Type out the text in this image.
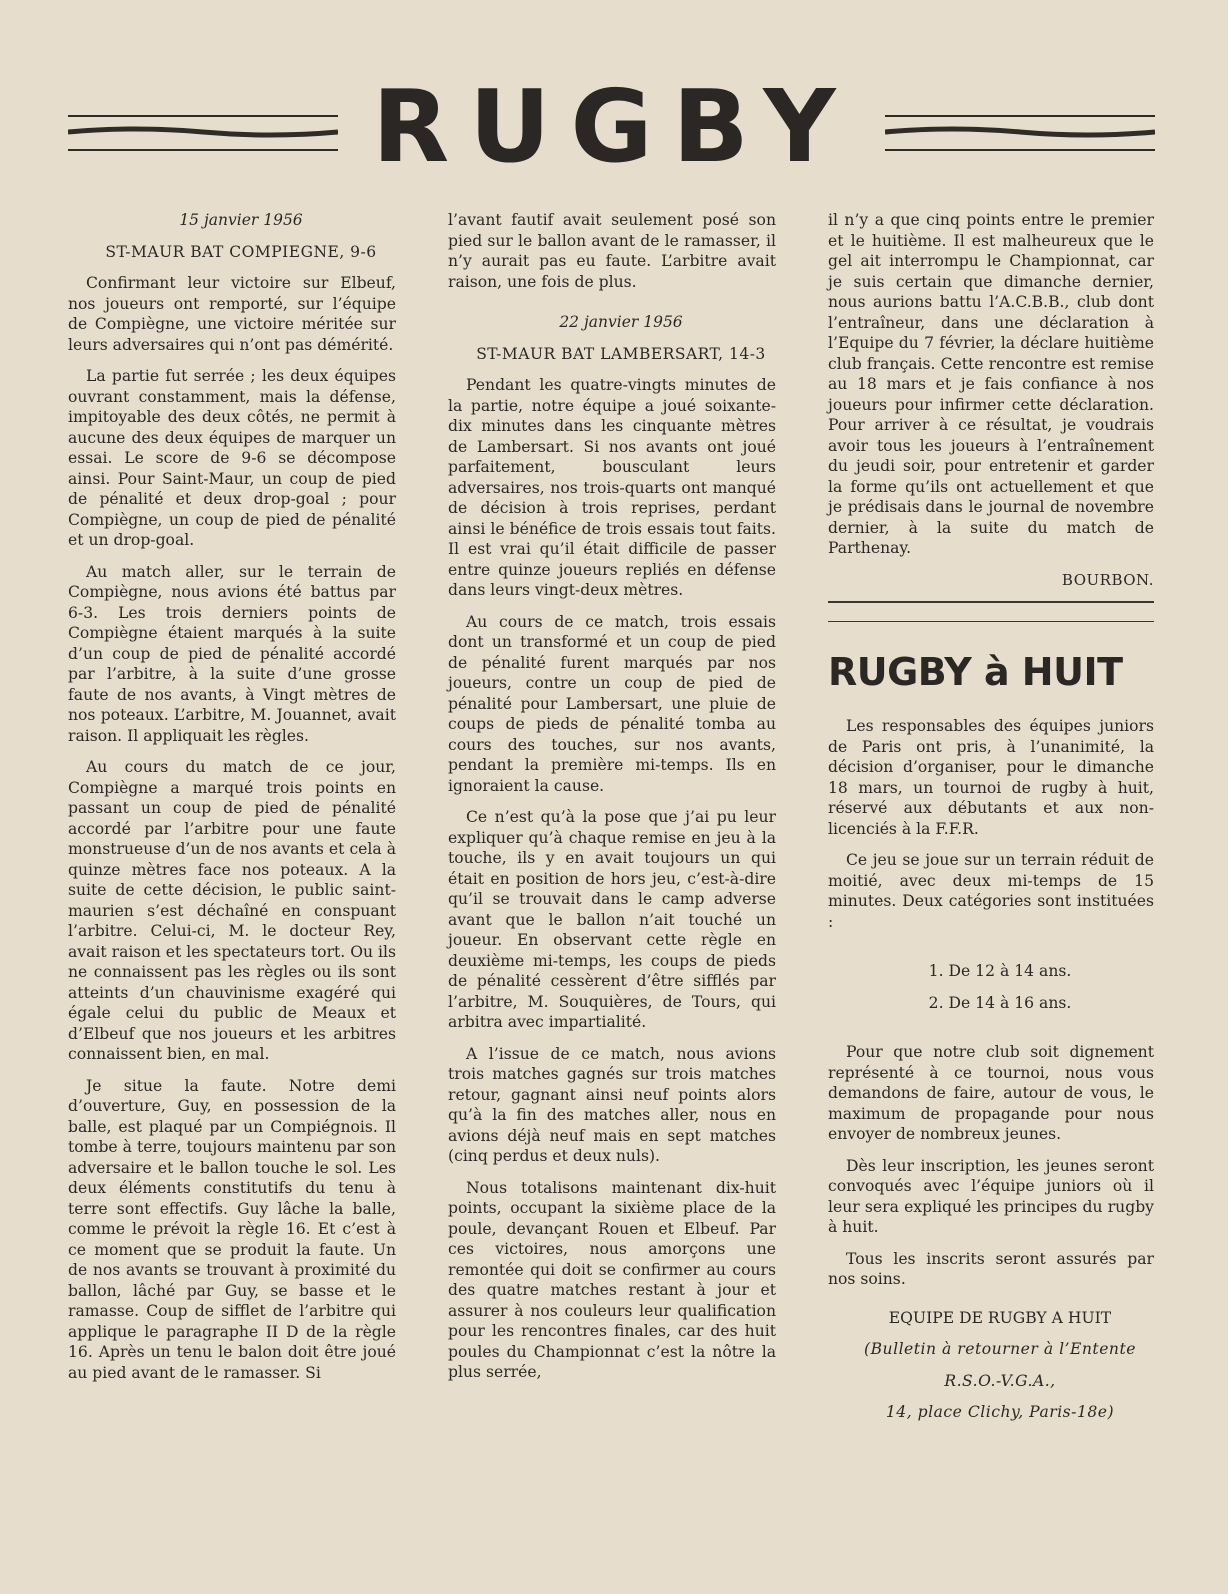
RUGBY

15 janvier 1956

ST-MAUR BAT COMPIEGNE, 9-6

Confirmant leur victoire sur Elbeuf, nos joueurs ont remporté, sur l’équipe de Compiègne, une victoire méritée sur leurs adversaires qui n’ont pas démérité.

La partie fut serrée ; les deux équipes ouvrant constamment, mais la défense, impitoyable des deux côtés, ne permit à aucune des deux équipes de marquer un essai. Le score de 9-6 se décompose ainsi. Pour Saint-Maur, un coup de pied de pénalité et deux drop-goal ; pour Compiègne, un coup de pied de pénalité et un drop-goal.

Au match aller, sur le terrain de Compiègne, nous avions été battus par 6-3. Les trois derniers points de Compiègne étaient marqués à la suite d’un coup de pied de pénalité accordé par l’arbitre, à la suite d’une grosse faute de nos avants, à Vingt mètres de nos poteaux. L’arbitre, M. Jouannet, avait raison. Il appliquait les règles.

Au cours du match de ce jour, Compiègne a marqué trois points en passant un coup de pied de pénalité accordé par l’arbitre pour une faute monstrueuse d’un de nos avants et cela à quinze mètres face nos poteaux. A la suite de cette décision, le public saint-maurien s’est déchaîné en conspuant l’arbitre. Celui-ci, M. le docteur Rey, avait raison et les spectateurs tort. Ou ils ne connaissent pas les règles ou ils sont atteints d’un chauvinisme exagéré qui égale celui du public de Meaux et d’Elbeuf que nos joueurs et les arbitres connaissent bien, en mal.

Je situe la faute. Notre demi d’ouverture, Guy, en possession de la balle, est plaqué par un Compiégnois. Il tombe à terre, toujours maintenu par son adversaire et le ballon touche le sol. Les deux éléments constitutifs du tenu à terre sont effectifs. Guy lâche la balle, comme le prévoit la règle 16. Et c’est à ce moment que se produit la faute. Un de nos avants se trouvant à proximité du ballon, lâché par Guy, se basse et le ramasse. Coup de sifflet de l’arbitre qui applique le paragraphe II D de la règle 16. Après un tenu le balon doit être joué au pied avant de le ramasser. Si

l’avant fautif avait seulement posé son pied sur le ballon avant de le ramasser, il n’y aurait pas eu faute. L’arbitre avait raison, une fois de plus.

22 janvier 1956

ST-MAUR BAT LAMBERSART, 14-3

Pendant les quatre-vingts minutes de la partie, notre équipe a joué soixante-dix minutes dans les cinquante mètres de Lambersart. Si nos avants ont joué parfaitement, bousculant leurs adversaires, nos trois-quarts ont manqué de décision à trois reprises, perdant ainsi le bénéfice de trois essais tout faits. Il est vrai qu’il était difficile de passer entre quinze joueurs repliés en défense dans leurs vingt-deux mètres.

Au cours de ce match, trois essais dont un transformé et un coup de pied de pénalité furent marqués par nos joueurs, contre un coup de pied de pénalité pour Lambersart, une pluie de coups de pieds de pénalité tomba au cours des touches, sur nos avants, pendant la première mi-temps. Ils en ignoraient la cause.

Ce n’est qu’à la pose que j’ai pu leur expliquer qu’à chaque remise en jeu à la touche, ils y en avait toujours un qui était en position de hors jeu, c’est-à-dire qu’il se trouvait dans le camp adverse avant que le ballon n’ait touché un joueur. En observant cette règle en deuxième mi-temps, les coups de pieds de pénalité cessèrent d’être sifflés par l’arbitre, M. Souquières, de Tours, qui arbitra avec impartialité.

A l’issue de ce match, nous avions trois matches gagnés sur trois matches retour, gagnant ainsi neuf points alors qu’à la fin des matches aller, nous en avions déjà neuf mais en sept matches (cinq perdus et deux nuls).

Nous totalisons maintenant dix-huit points, occupant la sixième place de la poule, devançant Rouen et Elbeuf. Par ces victoires, nous amorçons une remontée qui doit se confirmer au cours des quatre matches restant à jour et assurer à nos couleurs leur qualification pour les rencontres finales, car des huit poules du Championnat c’est la nôtre la plus serrée,

il n’y a que cinq points entre le premier et le huitième. Il est malheureux que le gel ait interrompu le Championnat, car je suis certain que dimanche dernier, nous aurions battu l’A.C.B.B., club dont l’entraîneur, dans une déclaration à l’Equipe du 7 février, la déclare huitième club français. Cette rencontre est remise au 18 mars et je fais confiance à nos joueurs pour infirmer cette déclaration. Pour arriver à ce résultat, je voudrais avoir tous les joueurs à l’entraînement du jeudi soir, pour entretenir et garder la forme qu’ils ont actuellement et que je prédisais dans le journal de novembre dernier, à la suite du match de Parthenay.

BOURBON.

RUGBY à HUIT

Les responsables des équipes juniors de Paris ont pris, à l’unanimité, la décision d’organiser, pour le dimanche 18 mars, un tournoi de rugby à huit, réservé aux débutants et aux non-licenciés à la F.F.R.

Ce jeu se joue sur un terrain réduit de moitié, avec deux mi-temps de 15 minutes. Deux catégories sont instituées :

1. De 12 à 14 ans.

2. De 14 à 16 ans.

Pour que notre club soit dignement représenté à ce tournoi, nous vous demandons de faire, autour de vous, le maximum de propagande pour nous envoyer de nombreux jeunes.

Dès leur inscription, les jeunes seront convoqués avec l’équipe juniors où il leur sera expliqué les principes du rugby à huit.

Tous les inscrits seront assurés par nos soins.

EQUIPE DE RUGBY A HUIT

(Bulletin à retourner à l’Entente

R.S.O.-V.G.A.,

14, place Clichy, Paris-18e)
